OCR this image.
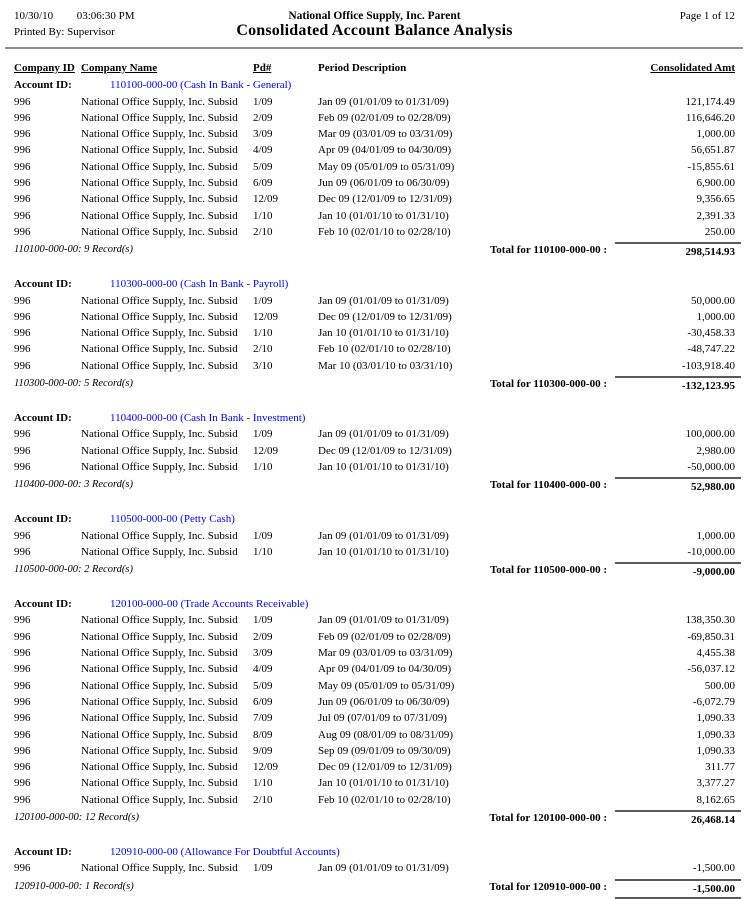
10/30/10 03:06:30 PM	National Office Supply, Inc. Parent	Page 1 of 12
Printed By: Supervisor	Consolidated Account Balance Analysis
Company ID Company Name	Pd#	Period Description	Consolidated Amt
Account ID:	110100-000-00 (Cash In Bank - General)
996	National Office Supply, Inc. Subsid	1/09	Jan 09 (01/01/09 to 01/31/09)	121,174.49
996	National Office Supply, Inc. Subsid	2/09	Feb 09 (02/01/09 to 02/28/09)	116,646.20
996	National Office Supply, Inc. Subsid	3/09	Mar 09 (03/01/09 to 03/31/09)	1,000.00
996	National Office Supply, Inc. Subsid	4/09	Apr 09 (04/01/09 to 04/30/09)	56,651.87
996	National Office Supply, Inc. Subsid	5/09	May 09 (05/01/09 to 05/31/09)	-15,855.61
996	National Office Supply, Inc. Subsid	6/09	Jun 09 (06/01/09 to 06/30/09)	6,900.00
996	National Office Supply, Inc. Subsid	12/09	Dec 09 (12/01/09 to 12/31/09)	9,356.65
996	National Office Supply, Inc. Subsid	1/10	Jan 10 (01/01/10 to 01/31/10)	2,391.33
996	National Office Supply, Inc. Subsid	2/10	Feb 10 (02/01/10 to 02/28/10)	250.00
110100-000-00: 9 Record(s)	Total for 110100-000-00 :	298,514.93
Account ID:	110300-000-00 (Cash In Bank - Payroll)
996	National Office Supply, Inc. Subsid	1/09	Jan 09 (01/01/09 to 01/31/09)	50,000.00
996	National Office Supply, Inc. Subsid	12/09	Dec 09 (12/01/09 to 12/31/09)	1,000.00
996	National Office Supply, Inc. Subsid	1/10	Jan 10 (01/01/10 to 01/31/10)	-30,458.33
996	National Office Supply, Inc. Subsid	2/10	Feb 10 (02/01/10 to 02/28/10)	-48,747.22
996	National Office Supply, Inc. Subsid	3/10	Mar 10 (03/01/10 to 03/31/10)	-103,918.40
110300-000-00: 5 Record(s)	Total for 110300-000-00 :	-132,123.95
Account ID:	110400-000-00 (Cash In Bank - Investment)
996	National Office Supply, Inc. Subsid	1/09	Jan 09 (01/01/09 to 01/31/09)	100,000.00
996	National Office Supply, Inc. Subsid	12/09	Dec 09 (12/01/09 to 12/31/09)	2,980.00
996	National Office Supply, Inc. Subsid	1/10	Jan 10 (01/01/10 to 01/31/10)	-50,000.00
110400-000-00: 3 Record(s)	Total for 110400-000-00 :	52,980.00
Account ID:	110500-000-00 (Petty Cash)
996	National Office Supply, Inc. Subsid	1/09	Jan 09 (01/01/09 to 01/31/09)	1,000.00
996	National Office Supply, Inc. Subsid	1/10	Jan 10 (01/01/10 to 01/31/10)	-10,000.00
110500-000-00: 2 Record(s)	Total for 110500-000-00 :	-9,000.00
Account ID:	120100-000-00 (Trade Accounts Receivable)
996	National Office Supply, Inc. Subsid	1/09	Jan 09 (01/01/09 to 01/31/09)	138,350.30
996	National Office Supply, Inc. Subsid	2/09	Feb 09 (02/01/09 to 02/28/09)	-69,850.31
996	National Office Supply, Inc. Subsid	3/09	Mar 09 (03/01/09 to 03/31/09)	4,455.38
996	National Office Supply, Inc. Subsid	4/09	Apr 09 (04/01/09 to 04/30/09)	-56,037.12
996	National Office Supply, Inc. Subsid	5/09	May 09 (05/01/09 to 05/31/09)	500.00
996	National Office Supply, Inc. Subsid	6/09	Jun 09 (06/01/09 to 06/30/09)	-6,072.79
996	National Office Supply, Inc. Subsid	7/09	Jul 09 (07/01/09 to 07/31/09)	1,090.33
996	National Office Supply, Inc. Subsid	8/09	Aug 09 (08/01/09 to 08/31/09)	1,090.33
996	National Office Supply, Inc. Subsid	9/09	Sep 09 (09/01/09 to 09/30/09)	1,090.33
996	National Office Supply, Inc. Subsid	12/09	Dec 09 (12/01/09 to 12/31/09)	311.77
996	National Office Supply, Inc. Subsid	1/10	Jan 10 (01/01/10 to 01/31/10)	3,377.27
996	National Office Supply, Inc. Subsid	2/10	Feb 10 (02/01/10 to 02/28/10)	8,162.65
120100-000-00: 12 Record(s)	Total for 120100-000-00 :	26,468.14
Account ID:	120910-000-00 (Allowance For Doubtful Accounts)
996	National Office Supply, Inc. Subsid	1/09	Jan 09 (01/01/09 to 01/31/09)	-1,500.00
120910-000-00: 1 Record(s)	Total for 120910-000-00 :	-1,500.00
